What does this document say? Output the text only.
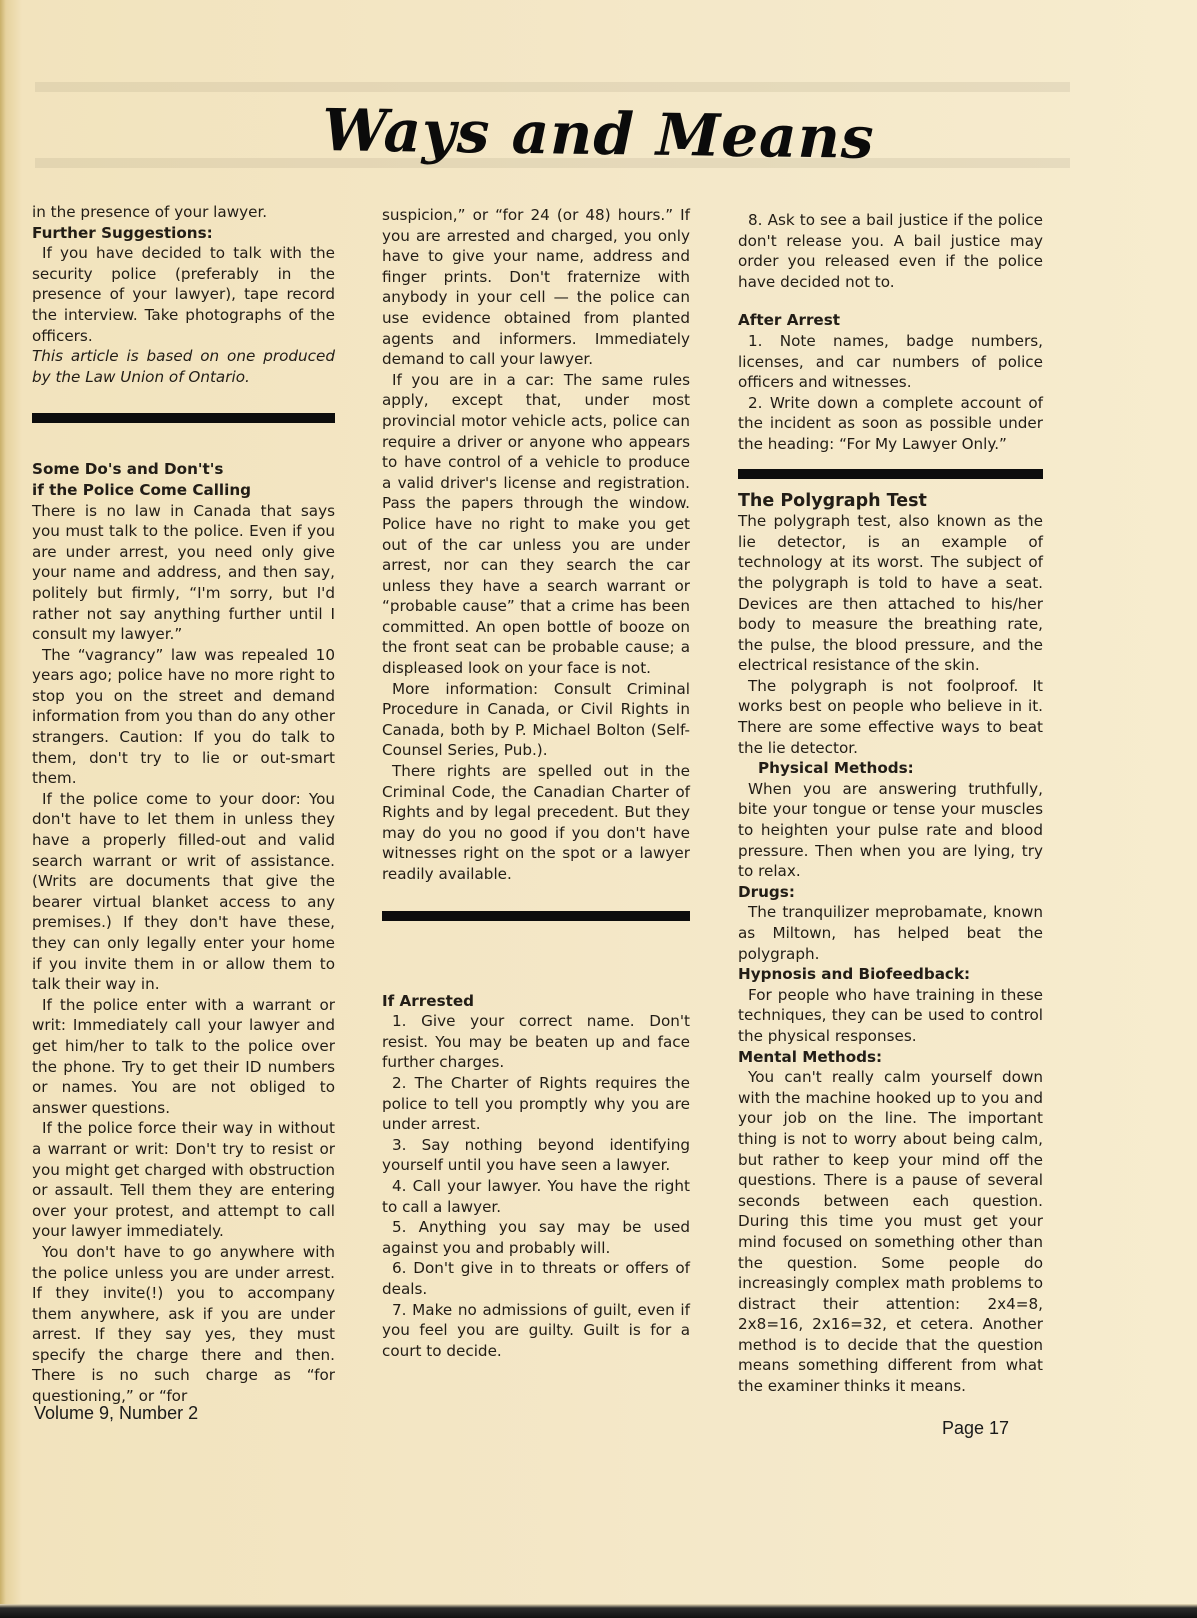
Ways and Means

in the presence of your lawyer.

Further Suggestions:

If you have decided to talk with the security police (preferably in the presence of your lawyer), tape record the interview. Take photographs of the officers.

This article is based on one produced by the Law Union of Ontario.

Some Do's and Don't's

if the Police Come Calling

There is no law in Canada that says you must talk to the police. Even if you are under arrest, you need only give your name and address, and then say, politely but firmly, “I'm sorry, but I'd rather not say anything further until I consult my lawyer.”

The “vagrancy” law was repealed 10 years ago; police have no more right to stop you on the street and demand information from you than do any other strangers. Caution: If you do talk to them, don't try to lie or out-smart them.

If the police come to your door: You don't have to let them in unless they have a properly filled-out and valid search warrant or writ of assistance. (Writs are documents that give the bearer virtual blanket access to any premises.) If they don't have these, they can only legally enter your home if you invite them in or allow them to talk their way in.

If the police enter with a warrant or writ: Immediately call your lawyer and get him/her to talk to the police over the phone. Try to get their ID numbers or names. You are not obliged to answer questions.

If the police force their way in without a warrant or writ: Don't try to resist or you might get charged with obstruction or assault. Tell them they are entering over your protest, and attempt to call your lawyer immediately.

You don't have to go anywhere with the police unless you are under arrest. If they invite(!) you to accompany them anywhere, ask if you are under arrest. If they say yes, they must specify the charge there and then. There is no such charge as “for questioning,” or “for

suspicion,” or “for 24 (or 48) hours.” If you are arrested and charged, you only have to give your name, address and finger prints. Don't fraternize with anybody in your cell — the police can use evidence obtained from planted agents and informers. Immediately demand to call your lawyer.

If you are in a car: The same rules apply, except that, under most provincial motor vehicle acts, police can require a driver or anyone who appears to have control of a vehicle to produce a valid driver's license and registration. Pass the papers through the window. Police have no right to make you get out of the car unless you are under arrest, nor can they search the car unless they have a search warrant or “probable cause” that a crime has been committed. An open bottle of booze on the front seat can be probable cause; a displeased look on your face is not.

More information: Consult Criminal Procedure in Canada, or Civil Rights in Canada, both by P. Michael Bolton (Self-Counsel Series, Pub.).

There rights are spelled out in the Criminal Code, the Canadian Charter of Rights and by legal precedent. But they may do you no good if you don't have witnesses right on the spot or a lawyer readily available.

If Arrested

1. Give your correct name. Don't resist. You may be beaten up and face further charges.

2. The Charter of Rights requires the police to tell you promptly why you are under arrest.

3. Say nothing beyond identifying yourself until you have seen a lawyer.

4. Call your lawyer. You have the right to call a lawyer.

5. Anything you say may be used against you and probably will.

6. Don't give in to threats or offers of deals.

7. Make no admissions of guilt, even if you feel you are guilty. Guilt is for a court to decide.

8. Ask to see a bail justice if the police don't release you. A bail justice may order you released even if the police have decided not to.

After Arrest

1. Note names, badge numbers, licenses, and car numbers of police officers and witnesses.

2. Write down a complete account of the incident as soon as possible under the heading: “For My Lawyer Only.”

The Polygraph Test

The polygraph test, also known as the lie detector, is an example of technology at its worst. The subject of the polygraph is told to have a seat. Devices are then attached to his/her body to measure the breathing rate, the pulse, the blood pressure, and the electrical resistance of the skin.

The polygraph is not foolproof. It works best on people who believe in it. There are some effective ways to beat the lie detector.

Physical Methods:

When you are answering truthfully, bite your tongue or tense your muscles to heighten your pulse rate and blood pressure. Then when you are lying, try to relax.

Drugs:

The tranquilizer meprobamate, known as Miltown, has helped beat the polygraph.

Hypnosis and Biofeedback:

For people who have training in these techniques, they can be used to control the physical responses.

Mental Methods:

You can't really calm yourself down with the machine hooked up to you and your job on the line. The important thing is not to worry about being calm, but rather to keep your mind off the questions. There is a pause of several seconds between each question. During this time you must get your mind focused on something other than the question. Some people do increasingly complex math problems to distract their attention: 2x4=8, 2x8=16, 2x16=32, et cetera. Another method is to decide that the question means something different from what the examiner thinks it means.

Volume 9, Number 2
Page 17
